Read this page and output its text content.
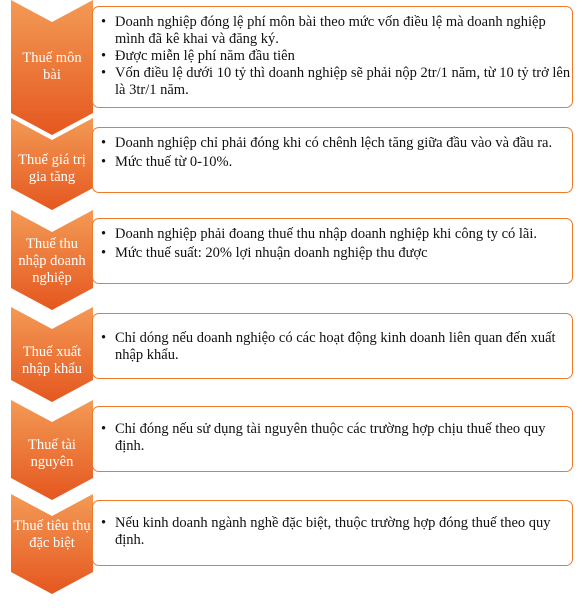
Thuế môn bài
• Doanh nghiệp đóng lệ phí môn bài theo mức vốn điều lệ mà doanh nghiệp mình đã kê khai và đăng ký.
• Được miễn lệ phí năm đầu tiên
• Vốn điều lệ dưới 10 tỷ thì doanh nghiệp sẽ phải nộp 2tr/1 năm, từ 10 tỷ trở lên là 3tr/1 năm.
Thuế giá trị gia tăng
• Doanh nghiệp chỉ phải đóng khi có chênh lệch tăng giữa đầu vào và đầu ra.
• Mức thuế từ 0-10%.
Thuế thu nhập doanh nghiệp
• Doanh nghiệp phải đoang thuế thu nhập doanh nghiệp khi công ty có lãi.
• Mức thuế suất: 20% lợi nhuận doanh nghiệp thu được
Thuế xuất nhập khẩu
• Chỉ dóng nếu doanh nghiệo có các hoạt động kinh doanh liên quan đến xuất nhập khẩu.
Thuế tài nguyên
• Chỉ đóng nếu sử dụng tài nguyên thuộc các trường hợp chịu thuế theo quy định.
Thuế tiêu thụ đặc biệt
• Nếu kinh doanh ngành nghề đặc biệt, thuộc trường hợp đóng thuế theo quy định.
